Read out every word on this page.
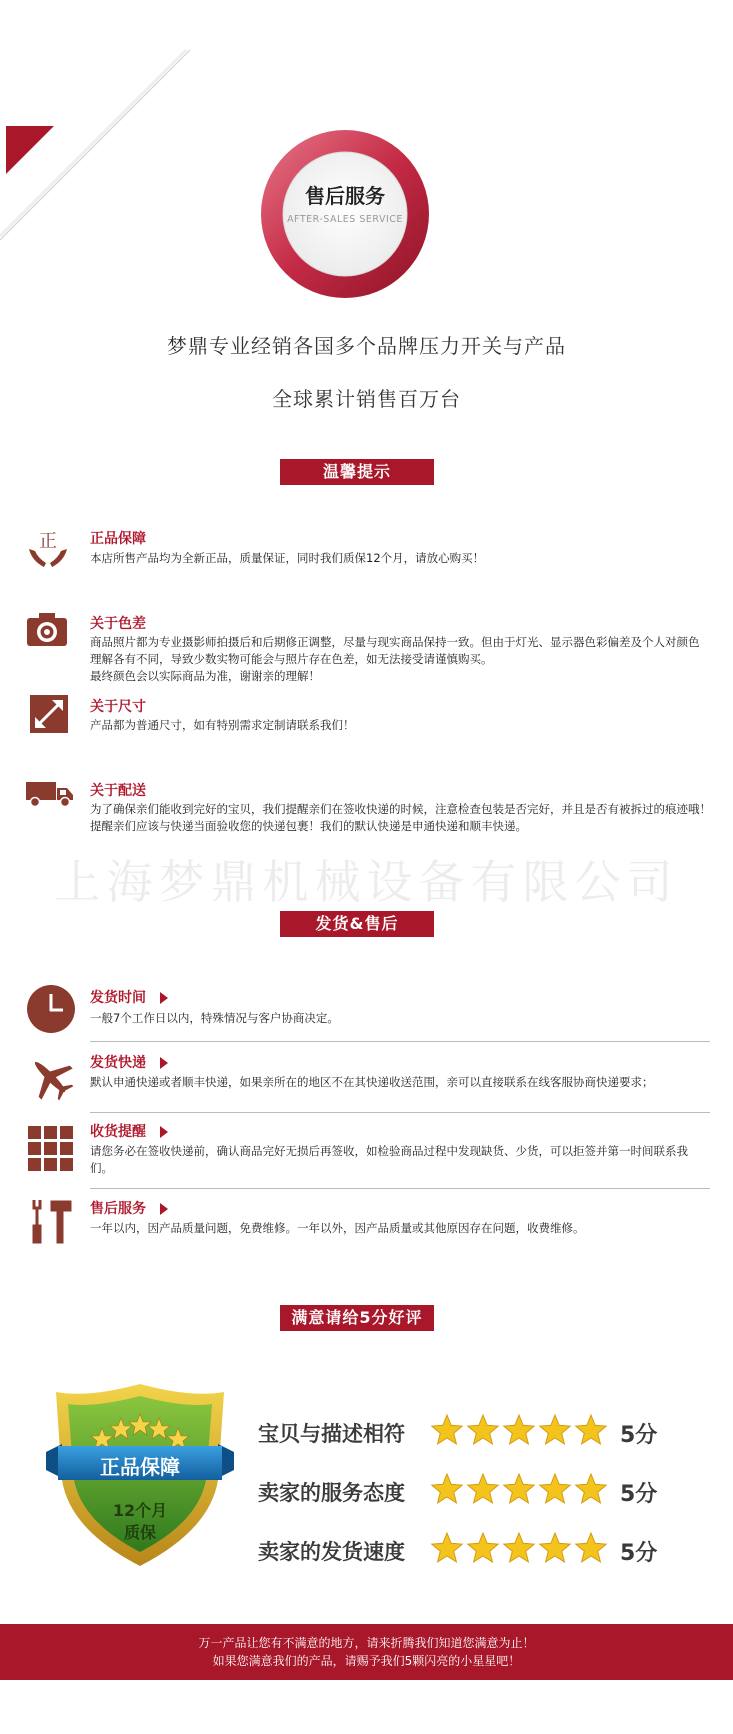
售后服务
AFTER-SALES SERVICE
梦鼎专业经销各国多个品牌压力开关与产品
全球累计销售百万台
温馨提示
正 正品保障
本店所售产品均为全新正品，质量保证，同时我们质保12个月，请放心购买！
关于色差
商品照片都为专业摄影师拍摄后和后期修正调整，尽量与现实商品保持一致。但由于灯光、显示器色彩偏差及个人对颜色理解各有不同，导致少数实物可能会与照片存在色差，如无法接受请谨慎购买。
最终颜色会以实际商品为准，谢谢亲的理解！
关于尺寸
产品都为普通尺寸，如有特别需求定制请联系我们！
关于配送
为了确保亲们能收到完好的宝贝，我们提醒亲们在签收快递的时候，注意检查包装是否完好，并且是否有被拆过的痕迹哦！提醒亲们应该与快递当面验收您的快递包裹！我们的默认快递是申通快递和顺丰快递。
上海梦鼎机械设备有限公司
发货&售后
发货时间
一般7个工作日以内，特殊情况与客户协商决定。
发货快递
默认申通快递或者顺丰快递，如果亲所在的地区不在其快递收送范围，亲可以直接联系在线客服协商快递要求；
收货提醒
请您务必在签收快递前，确认商品完好无损后再签收，如检验商品过程中发现缺货、少货，可以拒签并第一时间联系我们。
售后服务
一年以内，因产品质量问题，免费维修。一年以外，因产品质量或其他原因存在问题，收费维修。
满意请给5分好评
正品保障
12个月
质保
宝贝与描述相符	5分
卖家的服务态度	5分
卖家的发货速度	5分
万一产品让您有不满意的地方，请来折腾我们知道您满意为止！
如果您满意我们的产品，请赐予我们5颗闪亮的小星星吧！
